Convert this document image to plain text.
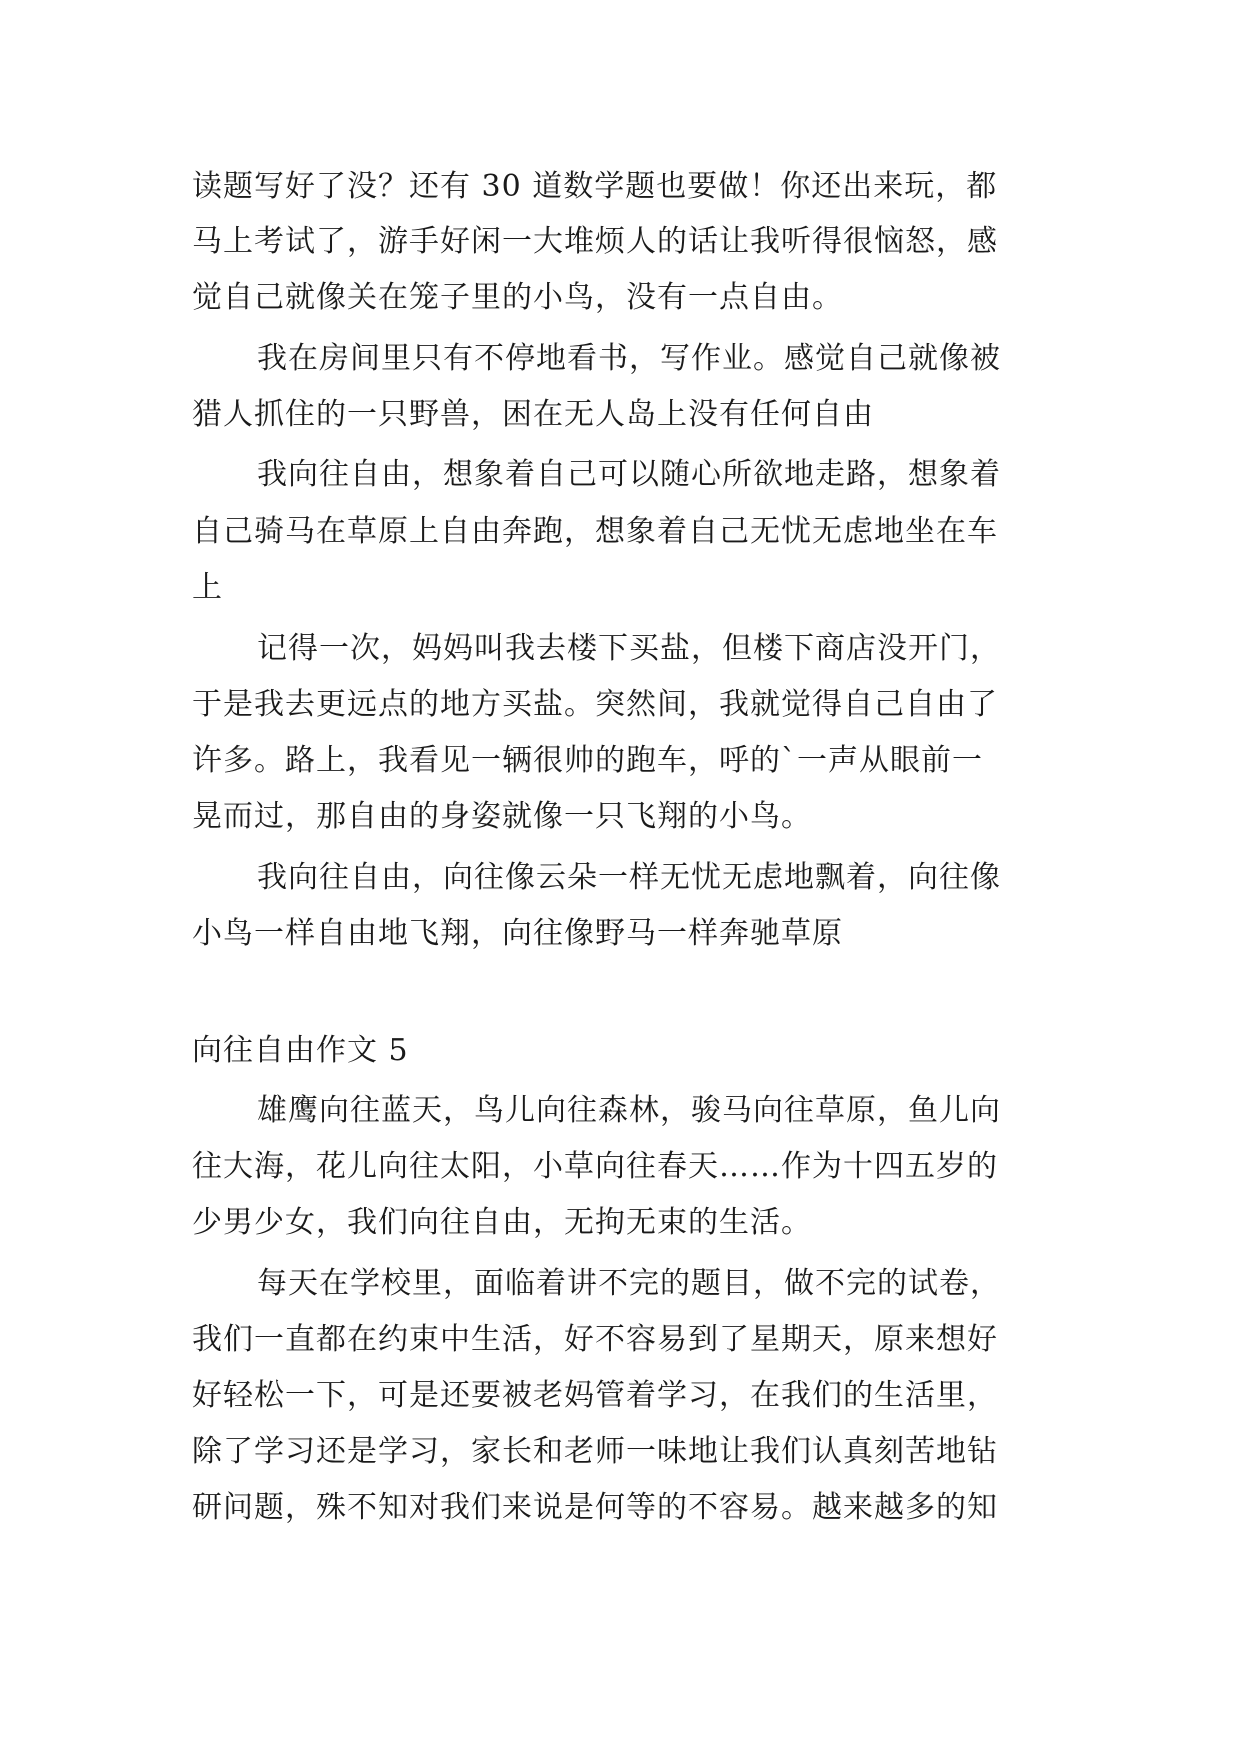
读题写好了没？还有 30 道数学题也要做！你还出来玩，都
马上考试了，游手好闲一大堆烦人的话让我听得很恼怒，感
觉自己就像关在笼子里的小鸟，没有一点自由。
我在房间里只有不停地看书，写作业。感觉自己就像被
猎人抓住的一只野兽，困在无人岛上没有任何自由
我向往自由，想象着自己可以随心所欲地走路，想象着
自己骑马在草原上自由奔跑，想象着自己无忧无虑地坐在车
上
记得一次，妈妈叫我去楼下买盐，但楼下商店没开门，
于是我去更远点的地方买盐。突然间，我就觉得自己自由了
许多。路上，我看见一辆很帅的跑车，呼的`一声从眼前一
晃而过，那自由的身姿就像一只飞翔的小鸟。
我向往自由，向往像云朵一样无忧无虑地飘着，向往像
小鸟一样自由地飞翔，向往像野马一样奔驰草原
向往自由作文 5
雄鹰向往蓝天，鸟儿向往森林，骏马向往草原，鱼儿向
往大海，花儿向往太阳，小草向往春天……作为十四五岁的
少男少女，我们向往自由，无拘无束的生活。
每天在学校里，面临着讲不完的题目，做不完的试卷，
我们一直都在约束中生活，好不容易到了星期天，原来想好
好轻松一下，可是还要被老妈管着学习，在我们的生活里，
除了学习还是学习，家长和老师一味地让我们认真刻苦地钻
研问题，殊不知对我们来说是何等的不容易。越来越多的知
